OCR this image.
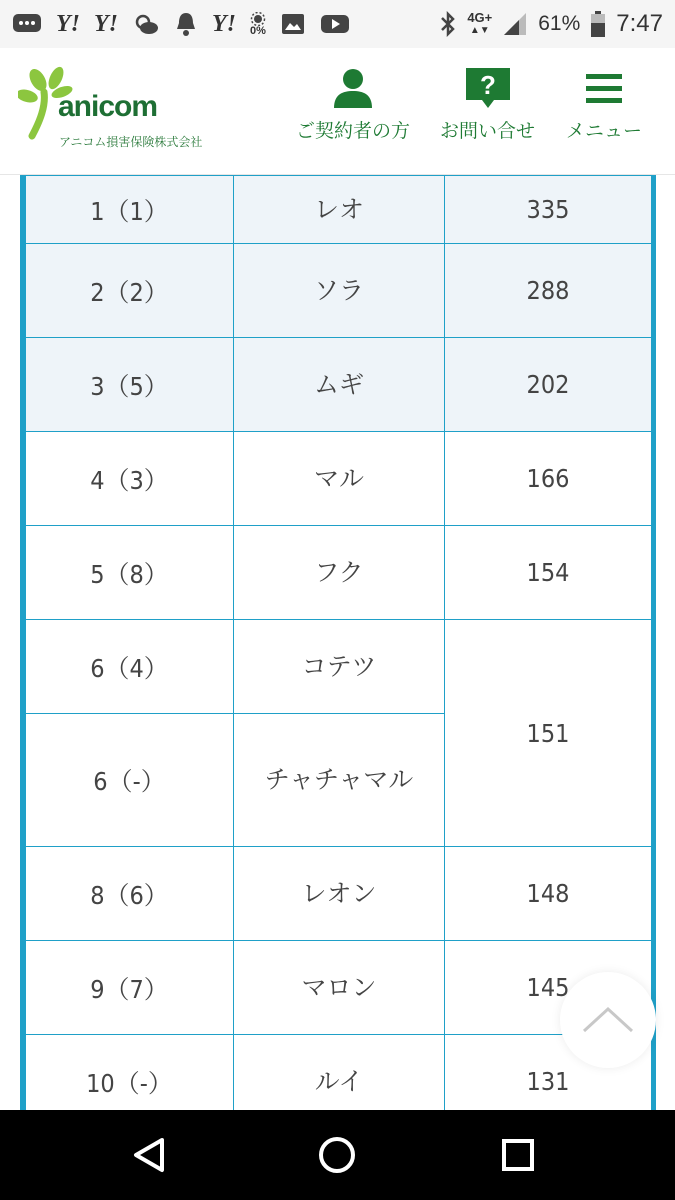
Y! Y!	Y! 0%
4G+
▲▼ 61% 7:47
anicom
アニコム損害保険株式会社	ご契約者の方
?
お問い合せ メニュー
1（1）	レオ	335
2（2）	ソラ	288
3（5）	ムギ	202
4（3）	マル	166
5（8）	フク	154
6（4）	コテツ	151
6（-）	チャチャマル	
8（6）	レオン	148
9（7）	マロン	145
10（-）	ルイ	131
